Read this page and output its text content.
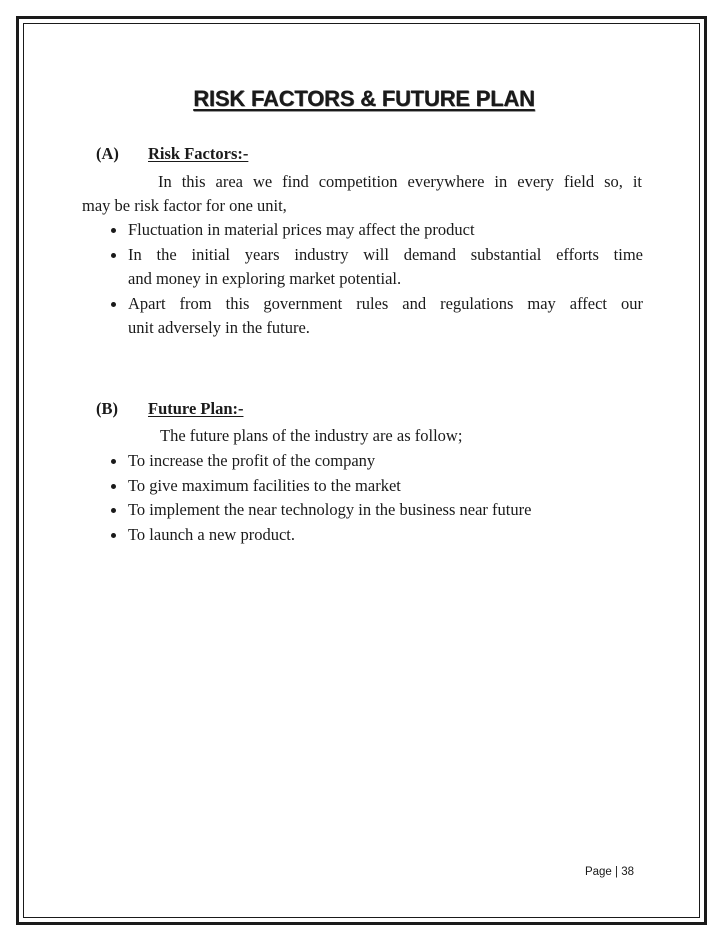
RISK FACTORS & FUTURE PLAN
(A) Risk Factors:-
In this area we find competition everywhere in every field so, it
may be risk factor for one unit,
Fluctuation in material prices may affect the product
In the initial years industry will demand substantial efforts time
and money in exploring market potential.
Apart from this government rules and regulations may affect our
unit adversely in the future.
(B) Future Plan:-
The future plans of the industry are as follow;
To increase the profit of the company
To give maximum facilities to the market
To implement the near technology in the business near future
To launch a new product.
Page | 38
